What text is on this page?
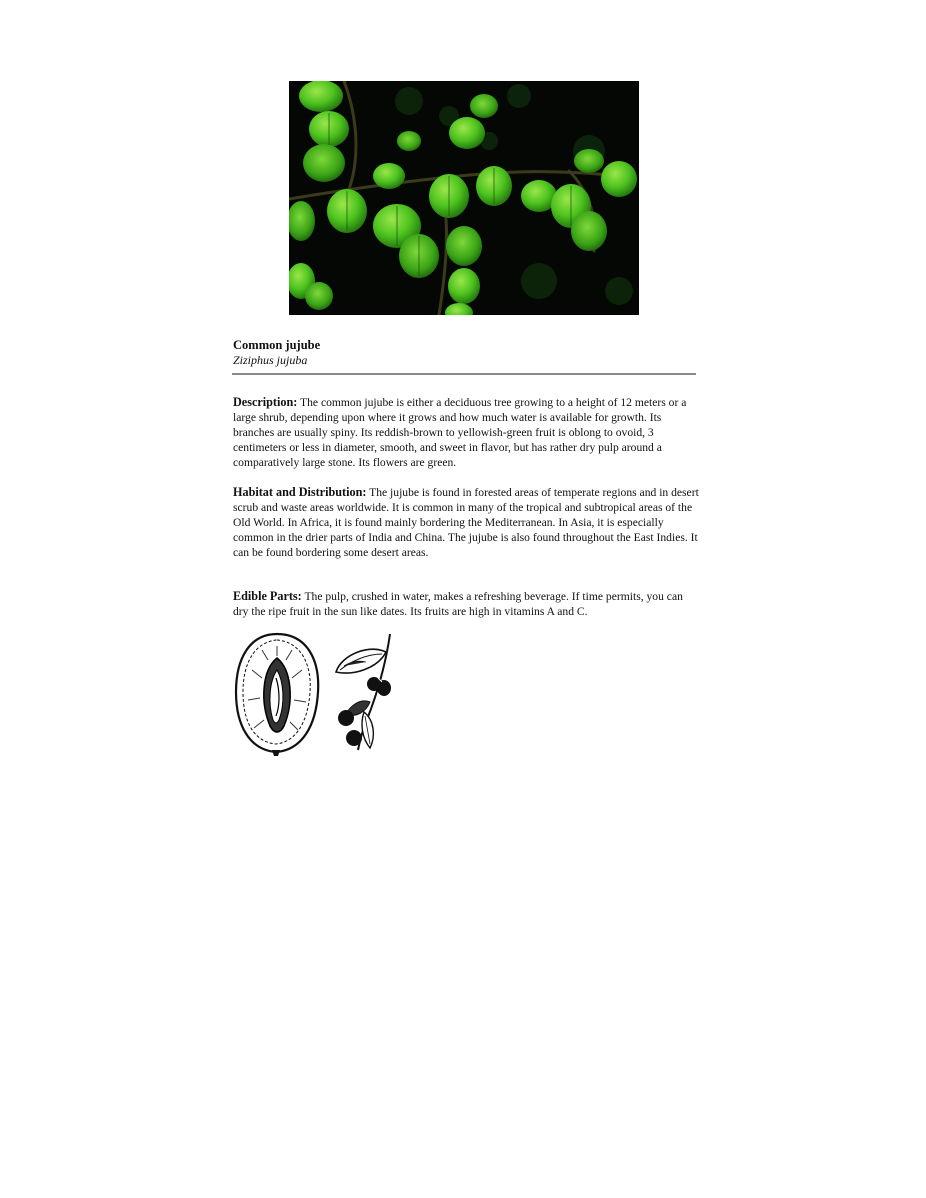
Common jujube
Ziziphus jujuba
Description: The common jujube is either a deciduous tree growing to a height of 12 meters or a large shrub, depending upon where it grows and how much water is available for growth. Its branches are usually spiny. Its reddish-brown to yellowish-green fruit is oblong to ovoid, 3 centimeters or less in diameter, smooth, and sweet in flavor, but has rather dry pulp around a comparatively large stone. Its flowers are green.
Habitat and Distribution: The jujube is found in forested areas of temperate regions and in desert scrub and waste areas worldwide. It is common in many of the tropical and subtropical areas of the Old World. In Africa, it is found mainly bordering the Mediterranean. In Asia, it is especially common in the drier parts of India and China. The jujube is also found throughout the East Indies. It can be found bordering some desert areas.
Edible Parts: The pulp, crushed in water, makes a refreshing beverage. If time permits, you can dry the ripe fruit in the sun like dates. Its fruits are high in vitamins A and C.
